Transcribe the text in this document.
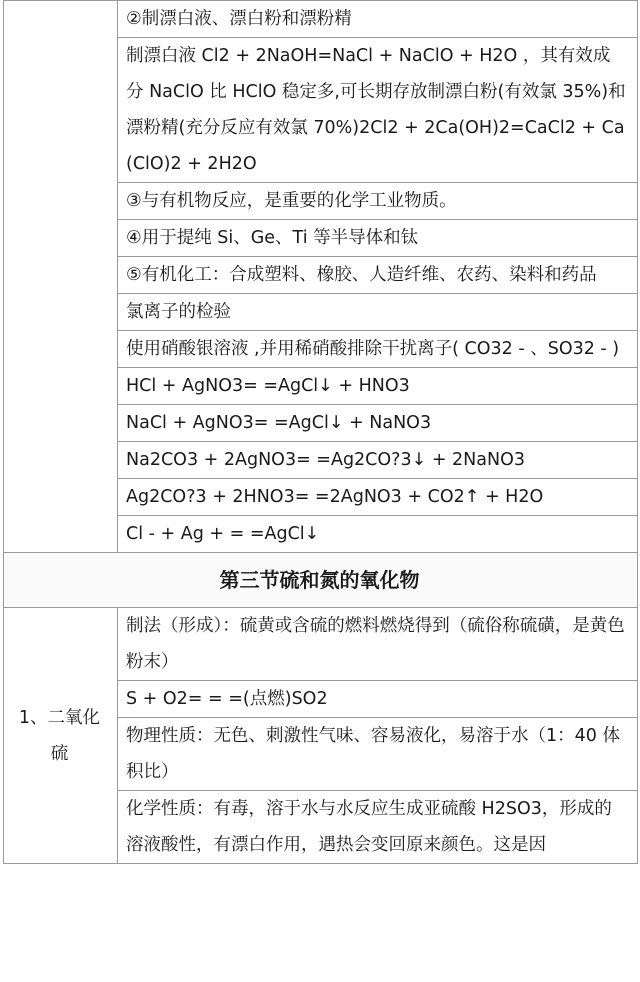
	②制漂白液、漂白粉和漂粉精
	制漂白液 Cl2 + 2NaOH=NaCl + NaClO + H2O ，其有效成分 NaClO 比 HClO 稳定多,可长期存放制漂白粉(有效氯 35%)和漂粉精(充分反应有效氯 70%)2Cl2 + 2Ca(OH)2=CaCl2 + Ca(ClO)2 + 2H2O
	③与有机物反应，是重要的化学工业物质。
	④用于提纯 Si、Ge、Ti 等半导体和钛
	⑤有机化工：合成塑料、橡胶、人造纤维、农药、染料和药品
	氯离子的检验
	使用硝酸银溶液 ,并用稀硝酸排除干扰离子( CO32 - 、SO32 - )
	HCl + AgNO3= =AgCl↓ + HNO3
	NaCl + AgNO3= =AgCl↓ + NaNO3
	Na2CO3 + 2AgNO3= =Ag2CO?3↓ + 2NaNO3
	Ag2CO?3 + 2HNO3= =2AgNO3 + CO2↑ + H2O
	Cl - + Ag + = =AgCl↓
第三节硫和氮的氧化物	
1、二氧化硫	制法（形成）：硫黄或含硫的燃料燃烧得到（硫俗称硫磺，是黄色粉末）
	S + O2= = =(点燃)SO2
	物理性质：无色、刺激性气味、容易液化，易溶于水（1：40 体积比）
	化学性质：有毒，溶于水与水反应生成亚硫酸 H2SO3，形成的溶液酸性，有漂白作用，遇热会变回原来颜色。这是因
